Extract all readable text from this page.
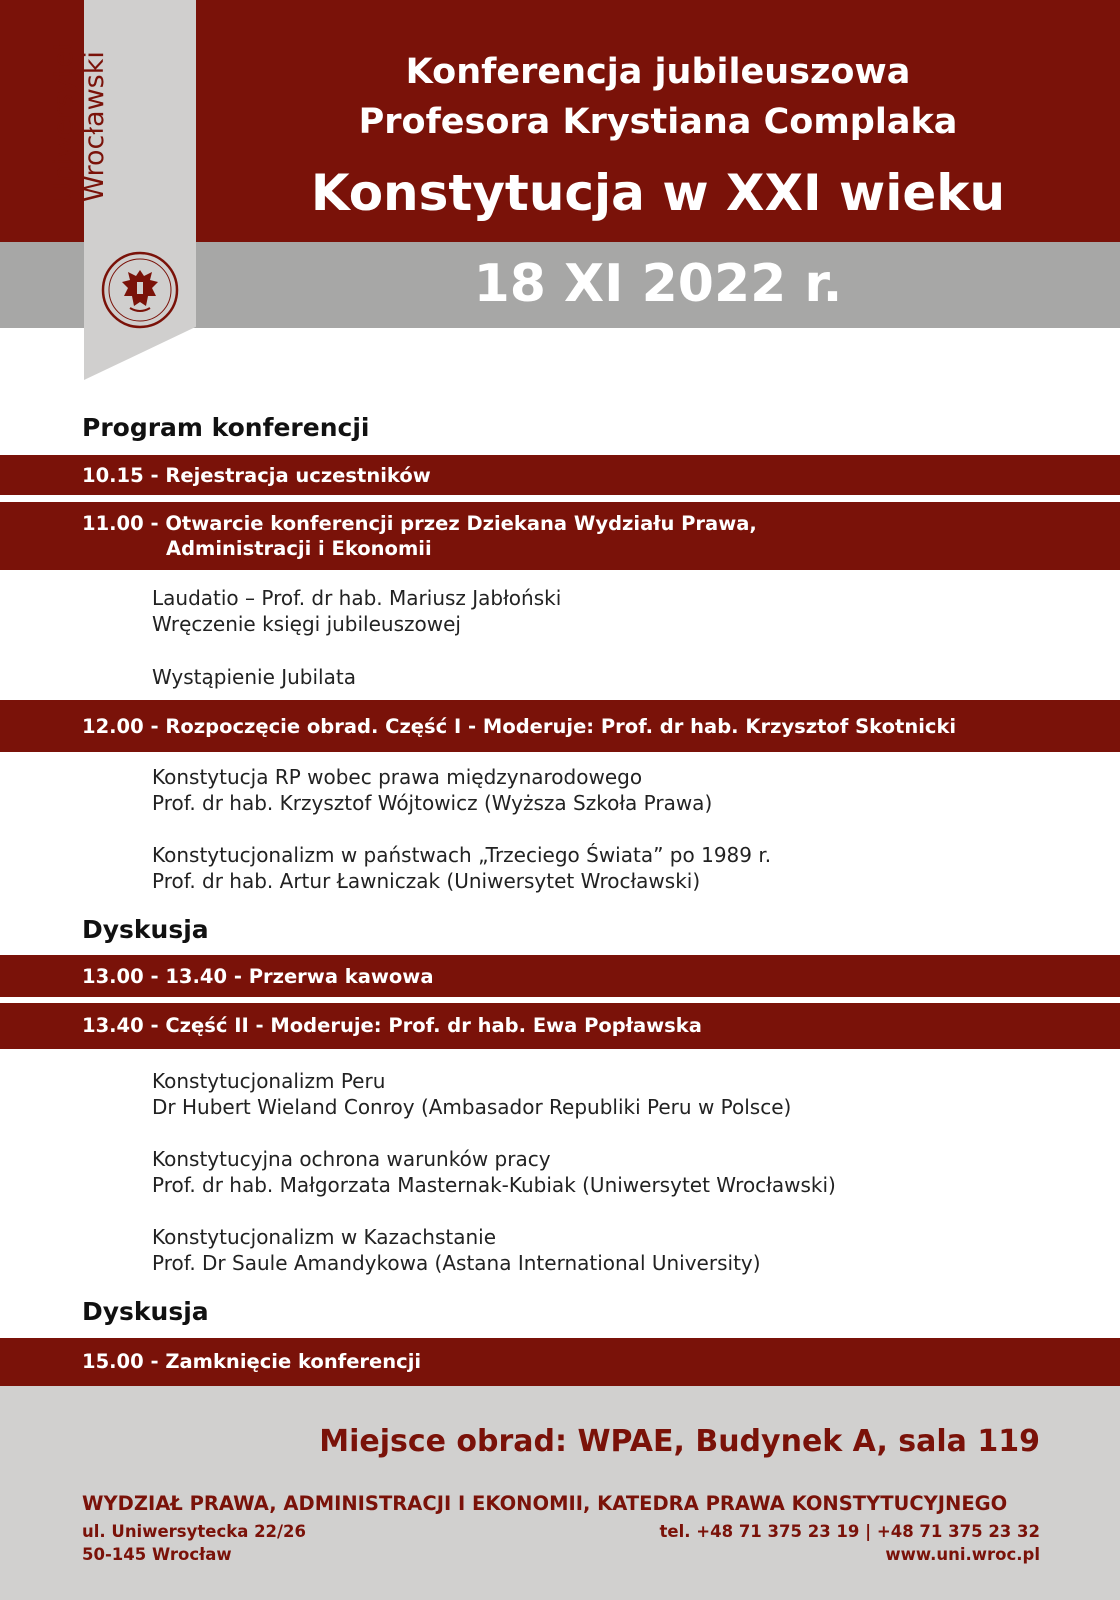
Uniwersytet Wrocławski	Konferencja jubileuszowa
Profesora Krystiana Complaka
Konstytucja w XXI wieku
18 XI 2022 r.
Program konferencji
10.15 - Rejestracja uczestników
11.00 - Otwarcie konferencji przez Dziekana Wydziału Prawa,
Administracji i Ekonomii
Laudatio – Prof. dr hab. Mariusz Jabłoński
Wręczenie księgi jubileuszowej
Wystąpienie Jubilata
12.00 - Rozpoczęcie obrad. Część I - Moderuje: Prof. dr hab. Krzysztof Skotnicki
Konstytucja RP wobec prawa międzynarodowego
Prof. dr hab. Krzysztof Wójtowicz (Wyższa Szkoła Prawa)
Konstytucjonalizm w państwach „Trzeciego Świata” po 1989 r.
Prof. dr hab. Artur Ławniczak (Uniwersytet Wrocławski)
Dyskusja
13.00 - 13.40 - Przerwa kawowa
13.40 - Część II - Moderuje: Prof. dr hab. Ewa Popławska
Konstytucjonalizm Peru
Dr Hubert Wieland Conroy (Ambasador Republiki Peru w Polsce)
Konstytucyjna ochrona warunków pracy
Prof. dr hab. Małgorzata Masternak-Kubiak (Uniwersytet Wrocławski)
Konstytucjonalizm w Kazachstanie
Prof. Dr Saule Amandykowa (Astana International University)
Dyskusja
15.00 - Zamknięcie konferencji
Miejsce obrad: WPAE, Budynek A, sala 119
WYDZIAŁ PRAWA, ADMINISTRACJI I EKONOMII, KATEDRA PRAWA KONSTYTUCYJNEGO
ul. Uniwersytecka 22/26
50-145 Wrocław
tel. +48 71 375 23 19 | +48 71 375 23 32
www.uni.wroc.pl
